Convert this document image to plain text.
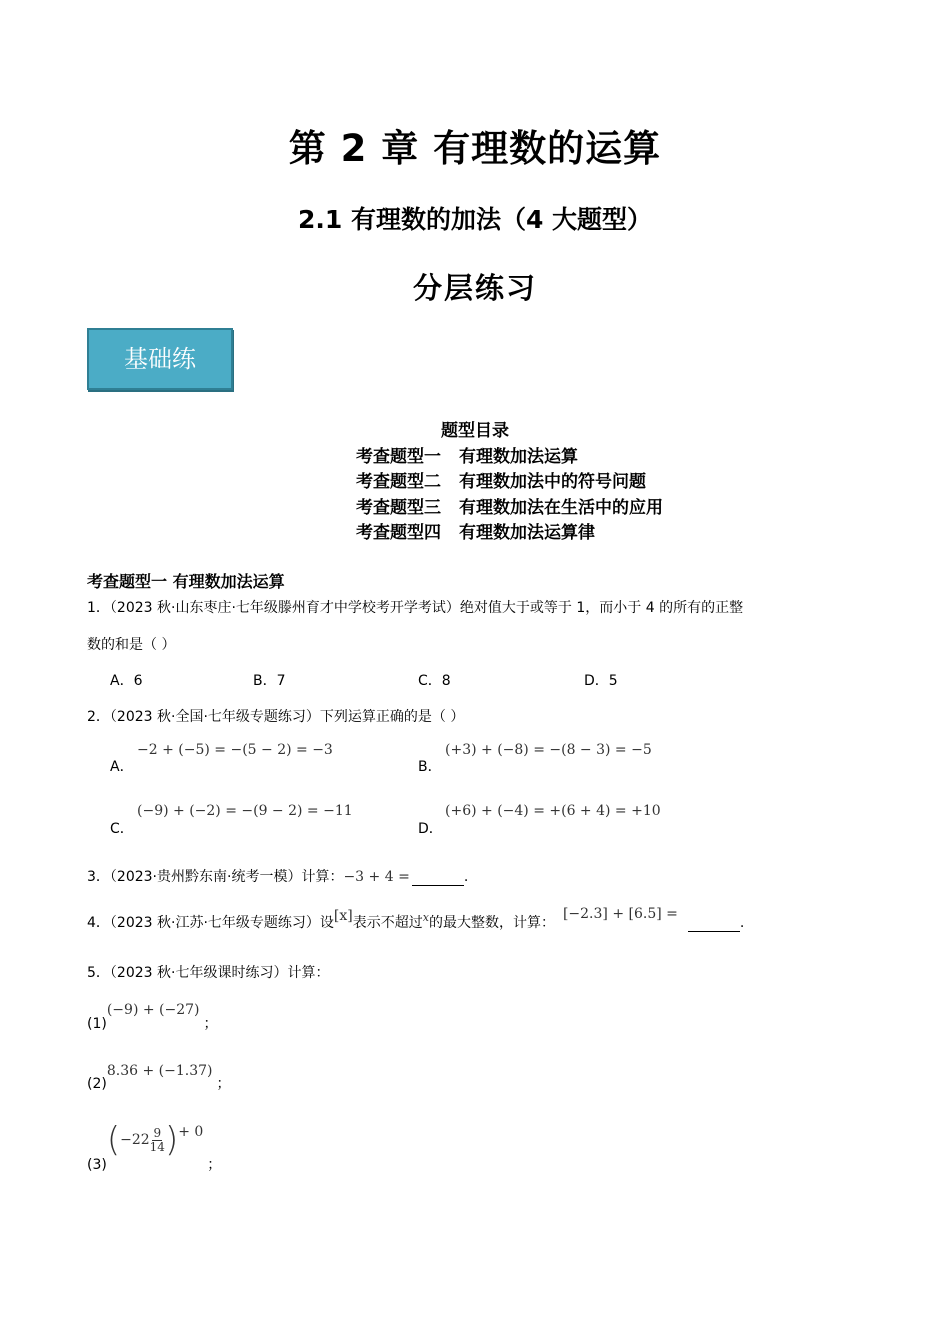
第 2 章 有理数的运算
2.1 有理数的加法（4 大题型）
分层练习
基础练
题型目录
考查题型一 有理数加法运算
考查题型二 有理数加法中的符号问题
考查题型三 有理数加法在生活中的应用
考查题型四 有理数加法运算律
考查题型一 有理数加法运算
1．（2023 秋·山东枣庄·七年级滕州育才中学校考开学考试）绝对值大于或等于 1，而小于 4 的所有的正整
数的和是（ ）
A．6	B．7	C．8	D．5
2．（2023 秋·全国·七年级专题练习）下列运算正确的是（ ）
A．
−2 + (−5) = −(5 − 2) = −3
B．
(+3) + (−8) = −(8 − 3) = −5
C．
(−9) + (−2) = −(9 − 2) = −11
D．
(+6) + (−4) = +(6 + 4) = +10
3．（2023·贵州黔东南·统考一模）计算：−3 + 4 =	.
4．（2023 秋·江苏·七年级专题练习）设[x]表示不超过$^x$的最大整数，计算：[−2.3] + [6.5] =.
5．（2023 秋·七年级课时练习）计算：
(1)(−9) + (−27)；
(2)8.36 + (−1.37)；
$(3)(-22 \frac{9}{14}$ )+ 0；
